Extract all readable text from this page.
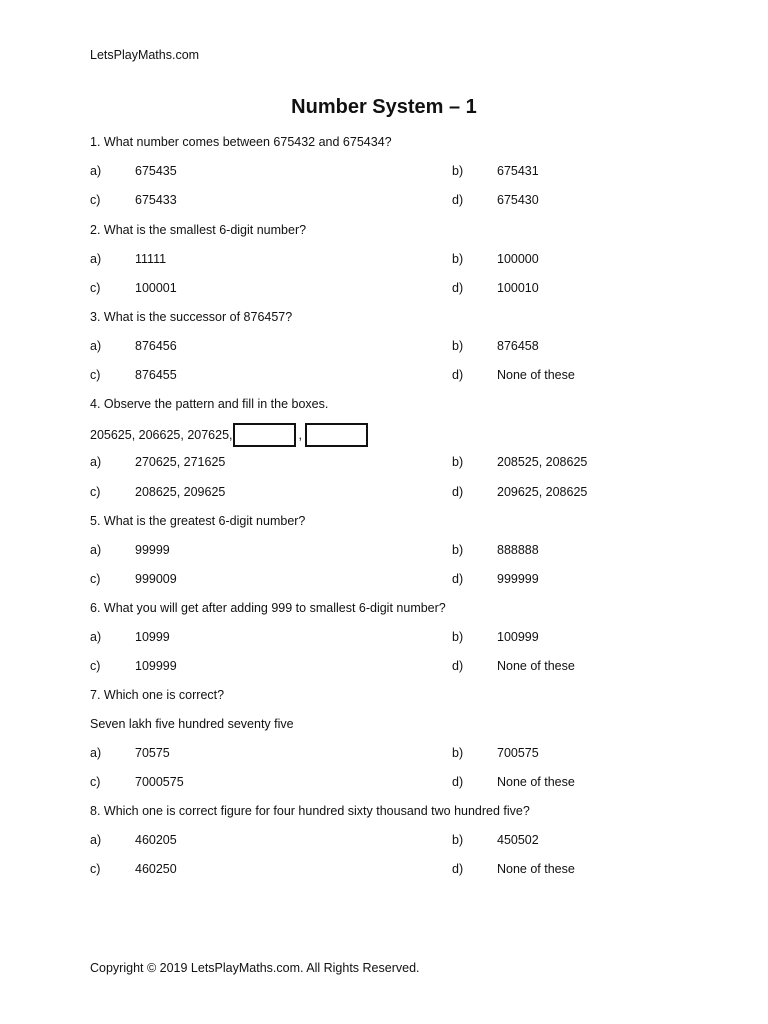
LetsPlayMaths.com
Number System – 1
1. What number comes between 675432 and 675434?
a)	675435	b)	675431
c)	675433	d)	675430
2. What is the smallest 6-digit number?
a)	11111	b)	100000
c)	100001	d)	100010
3. What is the successor of 876457?
a)	876456	b)	876458
c)	876455	d)	None of these
4. Observe the pattern and fill in the boxes.
205625, 206625, 207625,	,
a)	270625, 271625	b)	208525, 208625
c)	208625, 209625	d)	209625, 208625
5. What is the greatest 6-digit number?
a)	99999	b)	888888
c)	999009	d)	999999
6. What you will get after adding 999 to smallest 6-digit number?
a)	10999	b)	100999
c)	109999	d)	None of these
7. Which one is correct?
Seven lakh five hundred seventy five
a)	70575	b)	700575
c)	7000575	d)	None of these
8. Which one is correct figure for four hundred sixty thousand two hundred five?
a)	460205	b)	450502
c)	460250	d)	None of these
Copyright © 2019 LetsPlayMaths.com. All Rights Reserved.
